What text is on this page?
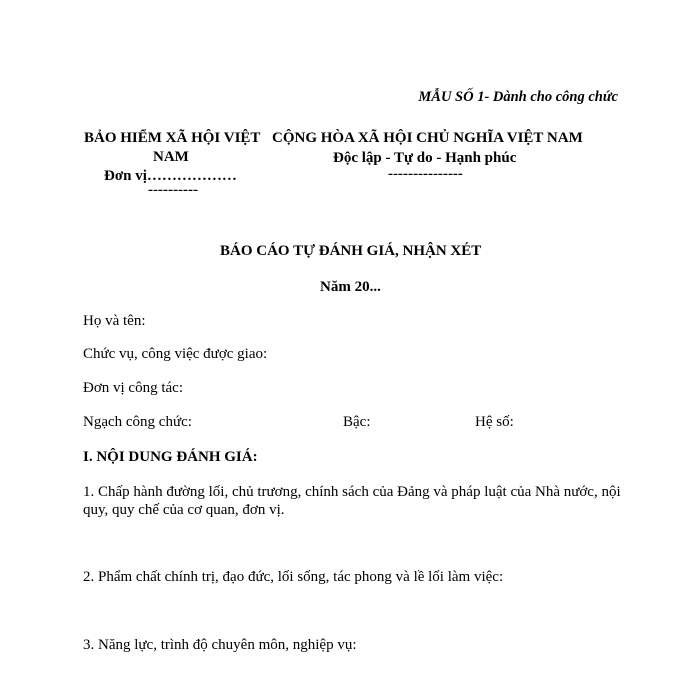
MẪU SỐ 1- Dành cho công chức
BẢO HIỂM XÃ HỘI VIỆT
NAM
Đơn vị………………
----------
CỘNG HÒA XÃ HỘI CHỦ NGHĨA VIỆT NAM
Độc lập - Tự do - Hạnh phúc
---------------
BÁO CÁO TỰ ĐÁNH GIÁ, NHẬN XÉT
Năm 20...
Họ và tên:
Chức vụ, công việc được giao:
Đơn vị công tác:
Ngạch công chức:	Bậc:	Hệ số:
I. NỘI DUNG ĐÁNH GIÁ:
1. Chấp hành đường lối, chủ trương, chính sách của Đảng và pháp luật của Nhà nước, nội
quy, quy chế của cơ quan, đơn vị.
2. Phẩm chất chính trị, đạo đức, lối sống, tác phong và lề lối làm việc:
3. Năng lực, trình độ chuyên môn, nghiệp vụ:
